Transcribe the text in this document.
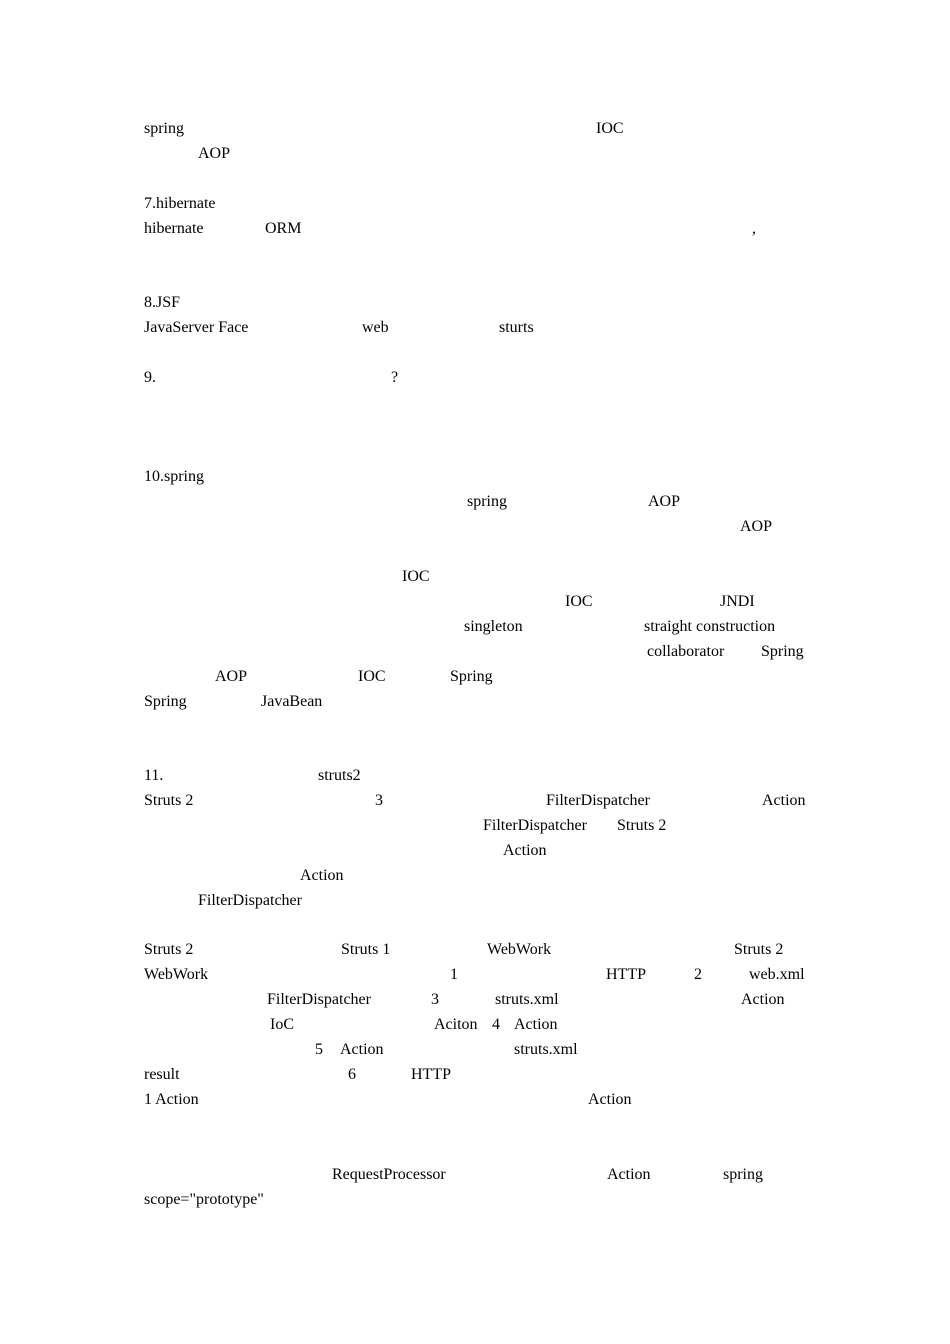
spring	IOC
AOP
7.hibernate
hibernate	ORM	,
8.JSF
JavaServer Face	web	sturts
9.	?
10.spring
spring	AOP
AOP
IOC
IOC	JNDI
singleton	straight construction
collaborator Spring
AOP	IOC	Spring
Spring	JavaBean
11.	struts2
Struts 2	3	FilterDispatcher	Action
FilterDispatcher Struts 2
Action
Action
FilterDispatcher
Struts 2	Struts 1	WebWork	Struts 2
WebWork	1	HTTP	2	web.xml
FilterDispatcher	3	struts.xml	Action
IoC	Aciton 4 Action
5 Action	struts.xml
result	6	HTTP
1 Action	Action
RequestProcessor	Action	spring
scope="prototype"
